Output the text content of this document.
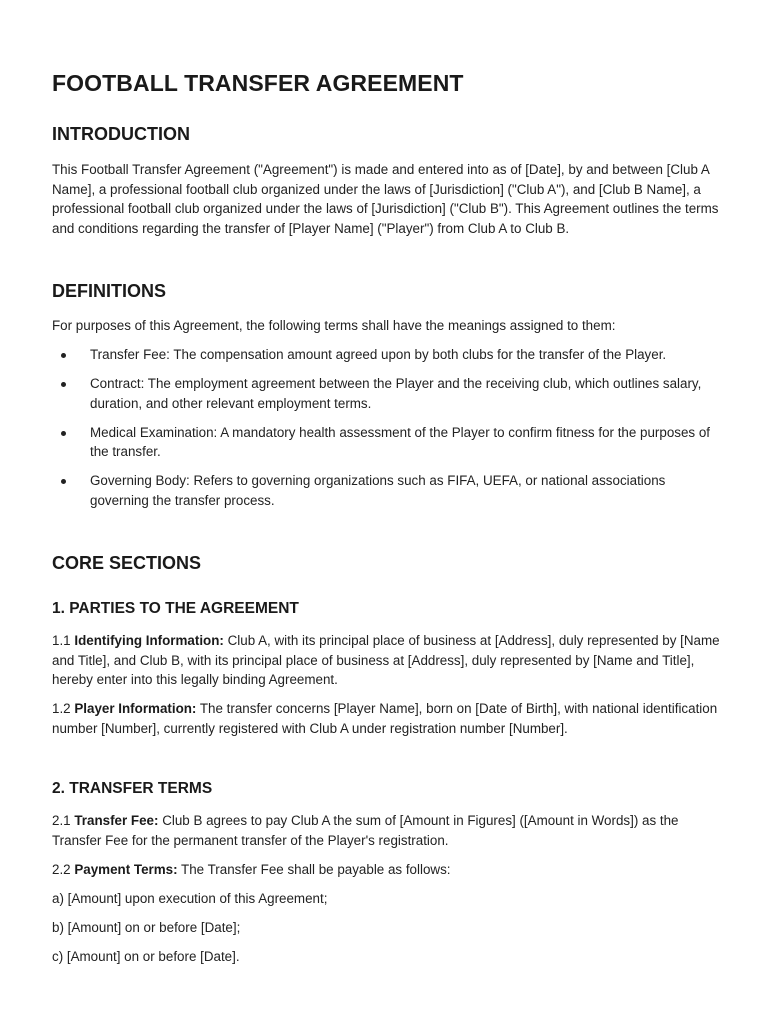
FOOTBALL TRANSFER AGREEMENT
INTRODUCTION

This Football Transfer Agreement ("Agreement") is made and entered into as of [Date], by and between [Club A Name], a professional football club organized under the laws of [Jurisdiction] ("Club A"), and [Club B Name], a professional football club organized under the laws of [Jurisdiction] ("Club B"). This Agreement outlines the terms and conditions regarding the transfer of [Player Name] ("Player") from Club A to Club B.

DEFINITIONS

For purposes of this Agreement, the following terms shall have the meanings assigned to them:

Transfer Fee: The compensation amount agreed upon by both clubs for the transfer of the Player.
Contract: The employment agreement between the Player and the receiving club, which outlines salary, duration, and other relevant employment terms.
Medical Examination: A mandatory health assessment of the Player to confirm fitness for the purposes of the transfer.
Governing Body: Refers to governing organizations such as FIFA, UEFA, or national associations governing the transfer process.
CORE SECTIONS
1. PARTIES TO THE AGREEMENT

1.1 Identifying Information: Club A, with its principal place of business at [Address], duly represented by [Name and Title], and Club B, with its principal place of business at [Address], duly represented by [Name and Title], hereby enter into this legally binding Agreement.

1.2 Player Information: The transfer concerns [Player Name], born on [Date of Birth], with national identification number [Number], currently registered with Club A under registration number [Number].

2. TRANSFER TERMS

2.1 Transfer Fee: Club B agrees to pay Club A the sum of [Amount in Figures] ([Amount in Words]) as the Transfer Fee for the permanent transfer of the Player's registration.

2.2 Payment Terms: The Transfer Fee shall be payable as follows:

a) [Amount] upon execution of this Agreement;

b) [Amount] on or before [Date];

c) [Amount] on or before [Date].
